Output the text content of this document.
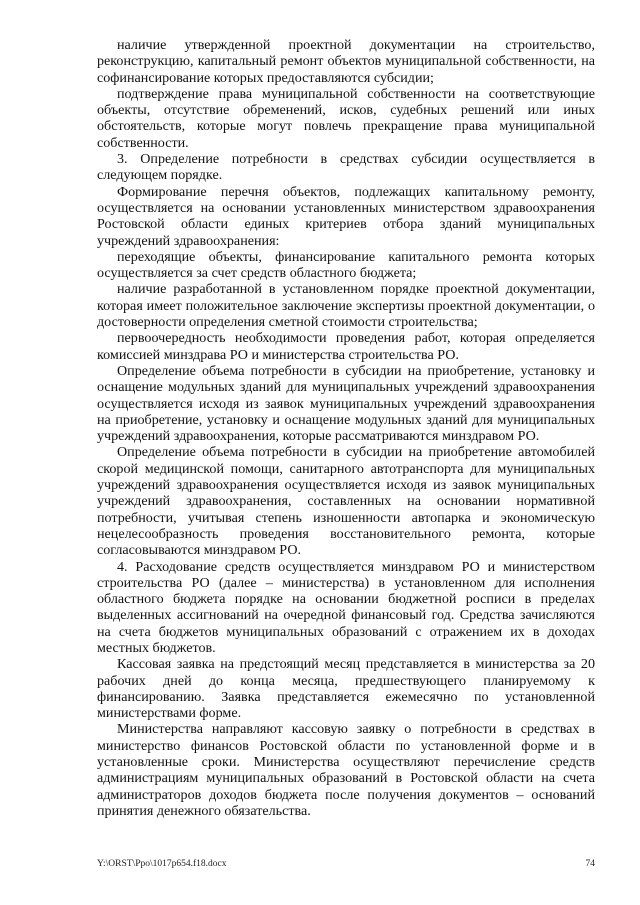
наличие утвержденной проектной документации на строительство, реконструкцию, капитальный ремонт объектов муниципальной собственности, на софинансирование которых предоставляются субсидии;

подтверждение права муниципальной собственности на соответствующие объекты, отсутствие обременений, исков, судебных решений или иных обстоятельств, которые могут повлечь прекращение права муниципальной собственности.

3. Определение потребности в средствах субсидии осуществляется в следующем порядке.

Формирование перечня объектов, подлежащих капитальному ремонту, осуществляется на основании установленных министерством здравоохранения Ростовской области единых критериев отбора зданий муниципальных учреждений здравоохранения:

переходящие объекты, финансирование капитального ремонта которых осуществляется за счет средств областного бюджета;

наличие разработанной в установленном порядке проектной документации, которая имеет положительное заключение экспертизы проектной документации, о достоверности определения сметной стоимости строительства;

первоочередность необходимости проведения работ, которая определяется комиссией минздрава РО и министерства строительства РО.

Определение объема потребности в субсидии на приобретение, установку и оснащение модульных зданий для муниципальных учреждений здравоохранения осуществляется исходя из заявок муниципальных учреждений здравоохранения на приобретение, установку и оснащение модульных зданий для муниципальных учреждений здравоохранения, которые рассматриваются минздравом РО.

Определение объема потребности в субсидии на приобретение автомобилей скорой медицинской помощи, санитарного автотранспорта для муниципальных учреждений здравоохранения осуществляется исходя из заявок муниципальных учреждений здравоохранения, составленных на основании нормативной потребности, учитывая степень изношенности автопарка и экономическую нецелесообразность проведения восстановительного ремонта, которые согласовываются минздравом РО.

4. Расходование средств осуществляется минздравом РО и министерством строительства РО (далее – министерства) в установленном для исполнения областного бюджета порядке на основании бюджетной росписи в пределах выделенных ассигнований на очередной финансовый год. Средства зачисляются на счета бюджетов муниципальных образований с отражением их в доходах местных бюджетов.

Кассовая заявка на предстоящий месяц представляется в министерства за 20 рабочих дней до конца месяца, предшествующего планируемому к финансированию. Заявка представляется ежемесячно по установленной министерствами форме.

Министерства направляют кассовую заявку о потребности в средствах в министерство финансов Ростовской области по установленной форме и в установленные сроки. Министерства осуществляют перечисление средств администрациям муниципальных образований в Ростовской области на счета администраторов доходов бюджета после получения документов – оснований принятия денежного обязательства.

Y:\ORST\Ppo\1017p654.f18.docx	74
